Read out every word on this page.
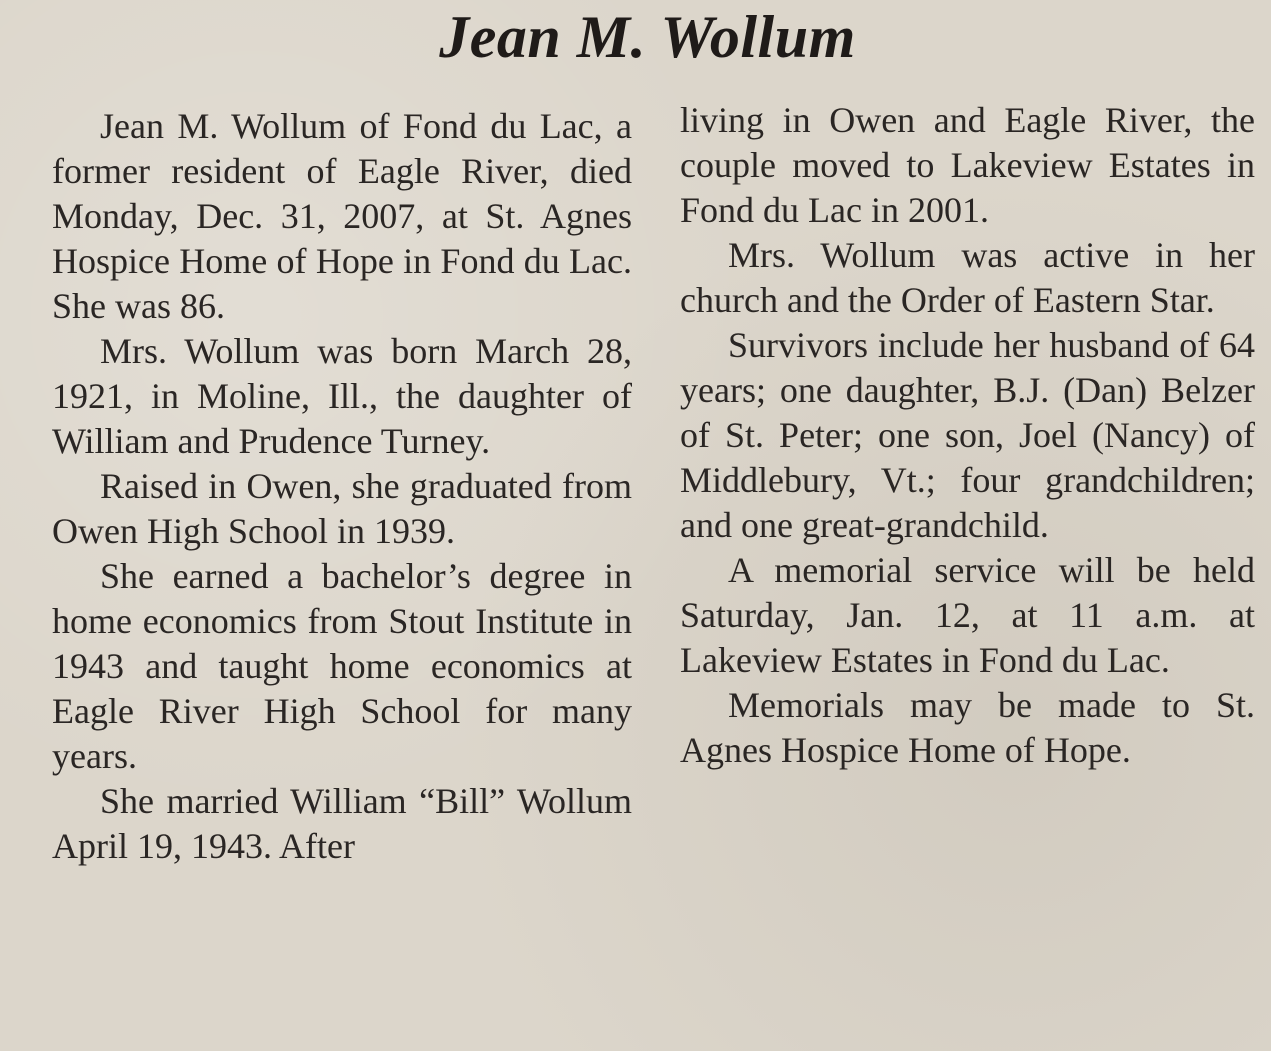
Jean M. Wollum

Jean M. Wollum of Fond du Lac, a former resident of Eagle River, died Monday, Dec. 31, 2007, at St. Agnes Hospice Home of Hope in Fond du Lac. She was 86.

Mrs. Wollum was born March 28, 1921, in Moline, Ill., the daughter of William and Prudence Turney.

Raised in Owen, she graduated from Owen High School in 1939.

She earned a bachelor’s degree in home economics from Stout Institute in 1943 and taught home economics at Eagle River High School for many years.

She married William “Bill” Wollum April 19, 1943. After

living in Owen and Eagle River, the couple moved to Lakeview Estates in Fond du Lac in 2001.

Mrs. Wollum was active in her church and the Order of Eastern Star.

Survivors include her husband of 64 years; one daughter, B.J. (Dan) Belzer of St. Peter; one son, Joel (Nancy) of Middlebury, Vt.; four grandchildren; and one great-grandchild.

A memorial service will be held Saturday, Jan. 12, at 11 a.m. at Lakeview Estates in Fond du Lac.

Memorials may be made to St. Agnes Hospice Home of Hope.
